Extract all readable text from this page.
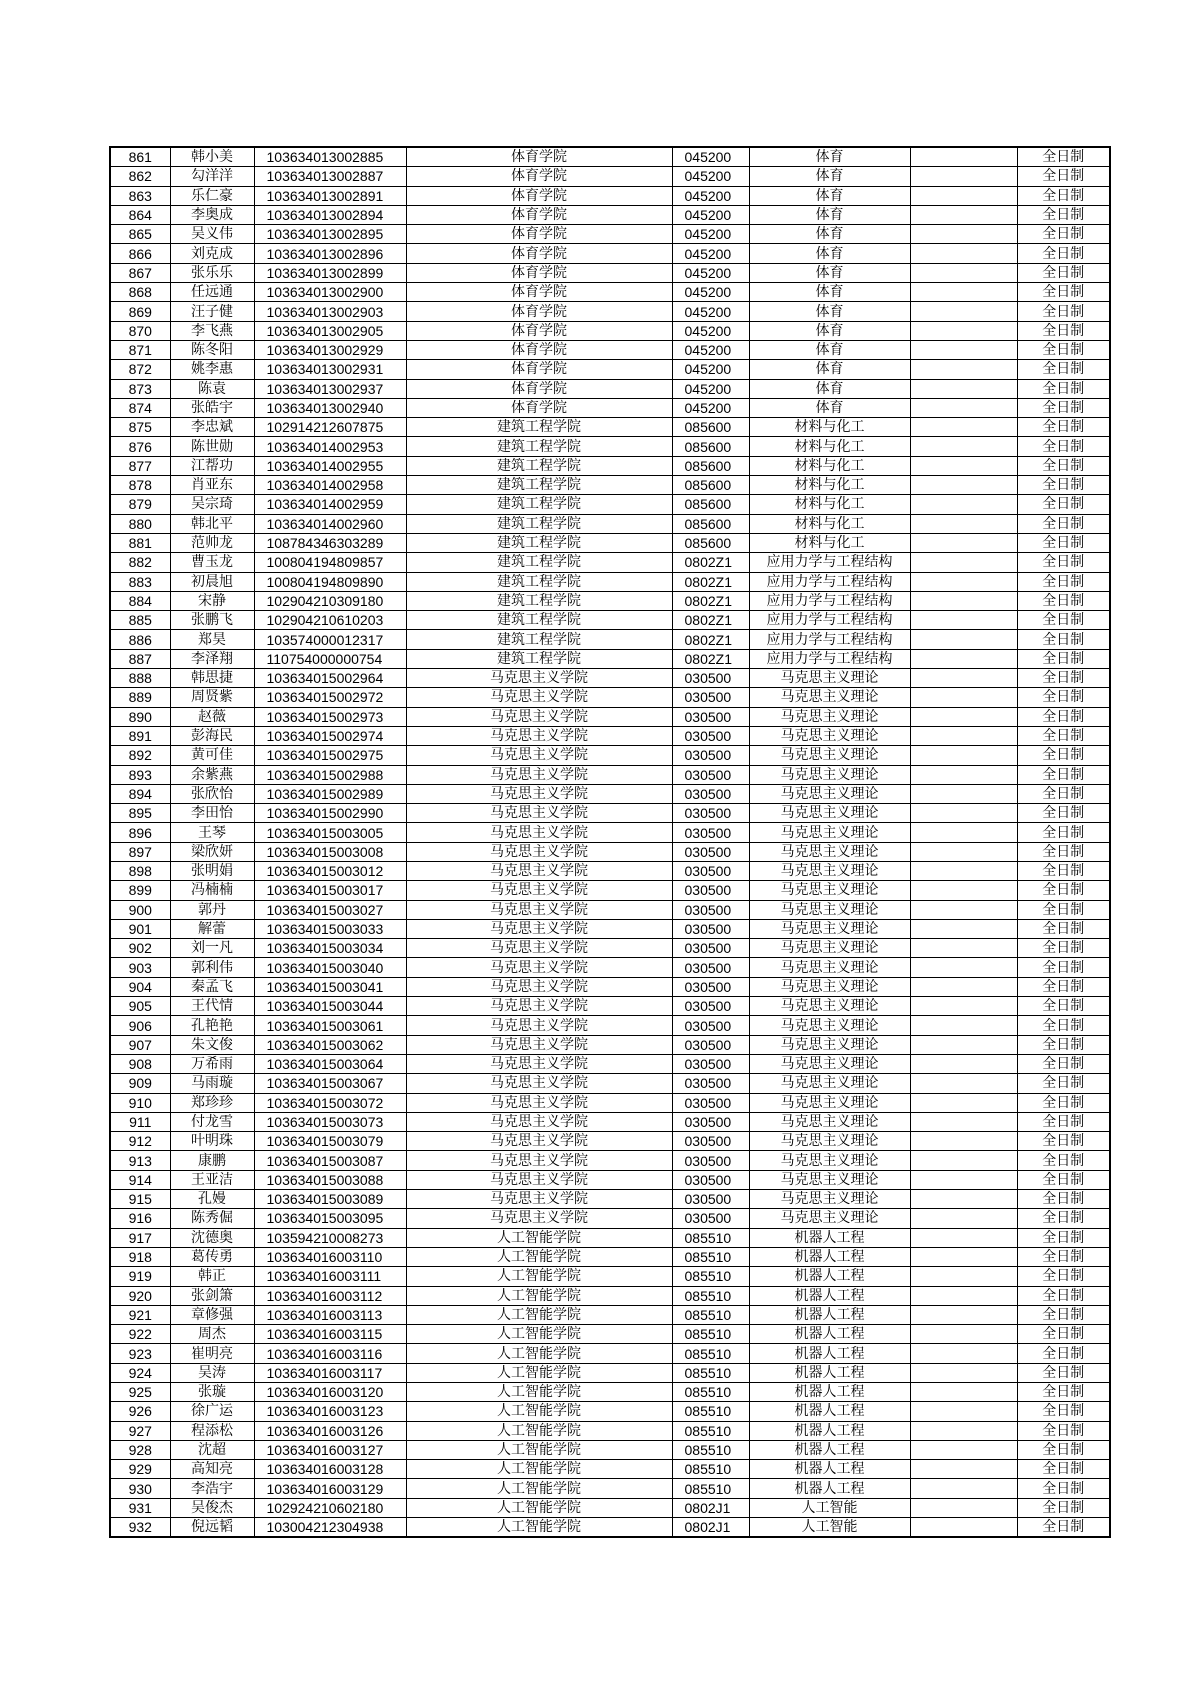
861	韩小美	103634013002885	体育学院	045200	体育		全日制
862	勾洋洋	103634013002887	体育学院	045200	体育		全日制
863	乐仁豪	103634013002891	体育学院	045200	体育		全日制
864	李奥成	103634013002894	体育学院	045200	体育		全日制
865	吴义伟	103634013002895	体育学院	045200	体育		全日制
866	刘克成	103634013002896	体育学院	045200	体育		全日制
867	张乐乐	103634013002899	体育学院	045200	体育		全日制
868	任远通	103634013002900	体育学院	045200	体育		全日制
869	汪子健	103634013002903	体育学院	045200	体育		全日制
870	李飞燕	103634013002905	体育学院	045200	体育		全日制
871	陈冬阳	103634013002929	体育学院	045200	体育		全日制
872	姚李惠	103634013002931	体育学院	045200	体育		全日制
873	陈袁	103634013002937	体育学院	045200	体育		全日制
874	张皓宇	103634013002940	体育学院	045200	体育		全日制
875	李忠斌	102914212607875	建筑工程学院	085600	材料与化工		全日制
876	陈世勋	103634014002953	建筑工程学院	085600	材料与化工		全日制
877	江帮功	103634014002955	建筑工程学院	085600	材料与化工		全日制
878	肖亚东	103634014002958	建筑工程学院	085600	材料与化工		全日制
879	吴宗琦	103634014002959	建筑工程学院	085600	材料与化工		全日制
880	韩北平	103634014002960	建筑工程学院	085600	材料与化工		全日制
881	范帅龙	108784346303289	建筑工程学院	085600	材料与化工		全日制
882	曹玉龙	100804194809857	建筑工程学院	0802Z1	应用力学与工程结构		全日制
883	初晨旭	100804194809890	建筑工程学院	0802Z1	应用力学与工程结构		全日制
884	宋静	102904210309180	建筑工程学院	0802Z1	应用力学与工程结构		全日制
885	张鹏飞	102904210610203	建筑工程学院	0802Z1	应用力学与工程结构		全日制
886	郑昊	103574000012317	建筑工程学院	0802Z1	应用力学与工程结构		全日制
887	李泽翔	110754000000754	建筑工程学院	0802Z1	应用力学与工程结构		全日制
888	韩思捷	103634015002964	马克思主义学院	030500	马克思主义理论		全日制
889	周贤紫	103634015002972	马克思主义学院	030500	马克思主义理论		全日制
890	赵薇	103634015002973	马克思主义学院	030500	马克思主义理论		全日制
891	彭海民	103634015002974	马克思主义学院	030500	马克思主义理论		全日制
892	黄可佳	103634015002975	马克思主义学院	030500	马克思主义理论		全日制
893	余紫燕	103634015002988	马克思主义学院	030500	马克思主义理论		全日制
894	张欣怡	103634015002989	马克思主义学院	030500	马克思主义理论		全日制
895	李田怡	103634015002990	马克思主义学院	030500	马克思主义理论		全日制
896	王琴	103634015003005	马克思主义学院	030500	马克思主义理论		全日制
897	梁欣妍	103634015003008	马克思主义学院	030500	马克思主义理论		全日制
898	张明娟	103634015003012	马克思主义学院	030500	马克思主义理论		全日制
899	冯楠楠	103634015003017	马克思主义学院	030500	马克思主义理论		全日制
900	郭丹	103634015003027	马克思主义学院	030500	马克思主义理论		全日制
901	解蕾	103634015003033	马克思主义学院	030500	马克思主义理论		全日制
902	刘一凡	103634015003034	马克思主义学院	030500	马克思主义理论		全日制
903	郭利伟	103634015003040	马克思主义学院	030500	马克思主义理论		全日制
904	秦孟飞	103634015003041	马克思主义学院	030500	马克思主义理论		全日制
905	王代情	103634015003044	马克思主义学院	030500	马克思主义理论		全日制
906	孔艳艳	103634015003061	马克思主义学院	030500	马克思主义理论		全日制
907	朱文俊	103634015003062	马克思主义学院	030500	马克思主义理论		全日制
908	万希雨	103634015003064	马克思主义学院	030500	马克思主义理论		全日制
909	马雨璇	103634015003067	马克思主义学院	030500	马克思主义理论		全日制
910	郑珍珍	103634015003072	马克思主义学院	030500	马克思主义理论		全日制
911	付龙雪	103634015003073	马克思主义学院	030500	马克思主义理论		全日制
912	叶明珠	103634015003079	马克思主义学院	030500	马克思主义理论		全日制
913	康鹏	103634015003087	马克思主义学院	030500	马克思主义理论		全日制
914	王亚洁	103634015003088	马克思主义学院	030500	马克思主义理论		全日制
915	孔嫚	103634015003089	马克思主义学院	030500	马克思主义理论		全日制
916	陈秀倔	103634015003095	马克思主义学院	030500	马克思主义理论		全日制
917	沈德奥	103594210008273	人工智能学院	085510	机器人工程		全日制
918	葛传勇	103634016003110	人工智能学院	085510	机器人工程		全日制
919	韩正	103634016003111	人工智能学院	085510	机器人工程		全日制
920	张剑箫	103634016003112	人工智能学院	085510	机器人工程		全日制
921	章修强	103634016003113	人工智能学院	085510	机器人工程		全日制
922	周杰	103634016003115	人工智能学院	085510	机器人工程		全日制
923	崔明亮	103634016003116	人工智能学院	085510	机器人工程		全日制
924	吴涛	103634016003117	人工智能学院	085510	机器人工程		全日制
925	张璇	103634016003120	人工智能学院	085510	机器人工程		全日制
926	徐广运	103634016003123	人工智能学院	085510	机器人工程		全日制
927	程添松	103634016003126	人工智能学院	085510	机器人工程		全日制
928	沈超	103634016003127	人工智能学院	085510	机器人工程		全日制
929	高知亮	103634016003128	人工智能学院	085510	机器人工程		全日制
930	李浩宇	103634016003129	人工智能学院	085510	机器人工程		全日制
931	吴俊杰	102924210602180	人工智能学院	0802J1	人工智能		全日制
932	倪远韬	103004212304938	人工智能学院	0802J1	人工智能		全日制
